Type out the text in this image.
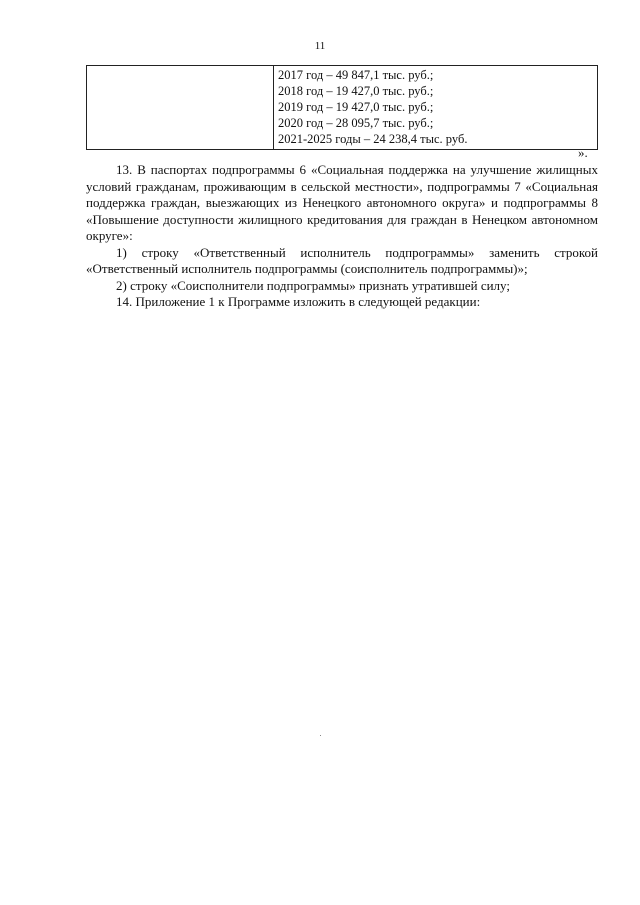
11

2017 год – 49 847,1 тыс. руб.;
2018 год – 19 427,0 тыс. руб.;
2019 год – 19 427,0 тыс. руб.;
2020 год – 28 095,7 тыс. руб.;
2021-2025 годы – 24 238,4 тыс. руб.
».

13. В паспортах подпрограммы 6 «Социальная поддержка на улучшение жилищных условий гражданам, проживающим в сельской местности», подпрограммы 7 «Социальная поддержка граждан, выезжающих из Ненецкого автономного округа» и подпрограммы 8 «Повышение доступности жилищного кредитования для граждан в Ненецком автономном округе»:

1) строку «Ответственный исполнитель подпрограммы» заменить строкой «Ответственный исполнитель подпрограммы (соисполнитель подпрограммы)»;

2) строку «Соисполнители подпрограммы» признать утратившей силу;

14. Приложение 1 к Программе изложить в следующей редакции:
